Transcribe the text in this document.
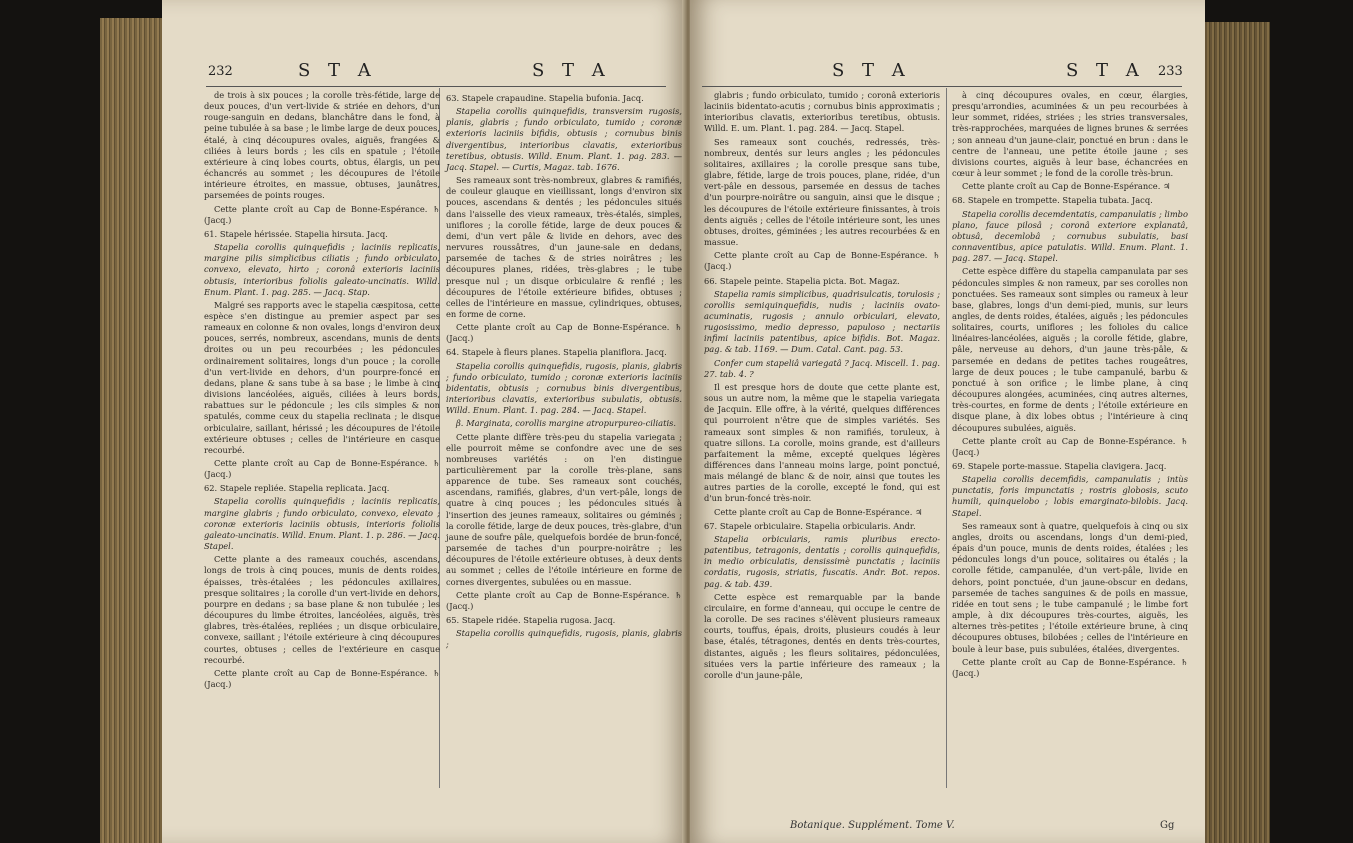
232	S T A	S T A

de trois à six pouces ; la corolle très-fétide, large de deux pouces, d'un vert-livide & striée en dehors, d'un rouge-sanguin en dedans, blanchâtre dans le fond, à peine tubulée à sa base ; le limbe large de deux pouces, étalé, à cinq découpures ovales, aiguës, frangées & ciliées à leurs bords ; les cils en spatule ; l'étoile extérieure à cinq lobes courts, obtus, élargis, un peu échancrés au sommet ; les découpures de l'étoile intérieure étroites, en massue, obtuses, jaunâtres, parsemées de points rouges.

Cette plante croît au Cap de Bonne-Espérance. ♄ (Jacq.)

61. Stapele hérissée. Stapelia hirsuta. Jacq.

Stapelia corollis quinquefidis ; laciniis replicatis, margine pilis simplicibus ciliatis ; fundo orbiculato, convexo, elevato, hirto ; coronâ exterioris laciniis obtusis, interioribus foliolis galeato-uncinatis. Willd. Enum. Plant. 1. pag. 285. — Jacq. Stap.

Malgré ses rapports avec le stapelia cæspitosa, cette espèce s'en distingue au premier aspect par ses rameaux en colonne & non ovales, longs d'environ deux pouces, serrés, nombreux, ascendans, munis de dents droites ou un peu recourbées ; les pédoncules ordinairement solitaires, longs d'un pouce ; la corolle d'un vert-livide en dehors, d'un pourpre-foncé en dedans, plane & sans tube à sa base ; le limbe à cinq divisions lancéolées, aiguës, ciliées à leurs bords, rabattues sur le pédoncule ; les cils simples & non spatulés, comme ceux du stapelia reclinata ; le disque orbiculaire, saillant, hérissé ; les découpures de l'étoile extérieure obtuses ; celles de l'intérieure en casque recourbé.

Cette plante croît au Cap de Bonne-Espérance. ♄ (Jacq.)

62. Stapele repliée. Stapelia replicata. Jacq.

Stapelia corollis quinquefidis ; laciniis replicatis, margine glabris ; fundo orbiculato, convexo, elevato ; coronæ exterioris laciniis obtusis, interioris foliolis galeato-uncinatis. Willd. Enum. Plant. 1. p. 286. — Jacq. Stapel.

Cette plante a des rameaux couchés, ascendans, longs de trois à cinq pouces, munis de dents roides, épaisses, très-étalées ; les pédoncules axillaires, presque solitaires ; la corolle d'un vert-livide en dehors, pourpre en dedans ; sa base plane & non tubulée ; les découpures du limbe étroites, lancéolées, aiguës, très glabres, très-étalées, repliées ; un disque orbiculaire, convexe, saillant ; l'étoile extérieure à cinq découpures courtes, obtuses ; celles de l'extérieure en casque recourbé.

Cette plante croît au Cap de Bonne-Espérance. ♄ (Jacq.)

63. Stapele crapaudine. Stapelia bufonia. Jacq.

Stapelia corollis quinquefidis, transversim rugosis, planis, glabris ; fundo orbiculato, tumido ; coronæ exterioris laciniis bifidis, obtusis ; cornubus binis divergentibus, interioribus clavatis, exterioribus teretibus, obtusis. Willd. Enum. Plant. 1. pag. 283. — Jacq. Stapel. — Curtis, Magaz. tab. 1676.

Ses rameaux sont très-nombreux, glabres & ramifiés, de couleur glauque en vieillissant, longs d'environ six pouces, ascendans & dentés ; les pédoncules situés dans l'aisselle des vieux rameaux, très-étalés, simples, uniflores ; la corolle fétide, large de deux pouces & demi, d'un vert pâle & livide en dehors, avec des nervures roussâtres, d'un jaune-sale en dedans, parsemée de taches & de stries noirâtres ; les découpures planes, ridées, très-glabres ; le tube presque nul ; un disque orbiculaire & renflé ; les découpures de l'étoile extérieure bifides, obtuses ; celles de l'intérieure en massue, cylindriques, obtuses, en forme de corne.

Cette plante croît au Cap de Bonne-Espérance. ♄ (Jacq.)

64. Stapele à fleurs planes. Stapelia planiflora. Jacq.

Stapelia corollis quinquefidis, rugosis, planis, glabris ; fundo orbiculato, tumido ; coronæ exterioris laciniis bidentatis, obtusis ; cornubus binis divergentibus, interioribus clavatis, exterioribus subulatis, obtusis. Willd. Enum. Plant. 1. pag. 284. — Jacq. Stapel.

β. Marginata, corollis margine atropurpureo-ciliatis.

Cette plante diffère très-peu du stapelia variegata ; elle pourroit même se confondre avec une de ses nombreuses variétés : on l'en distingue particulièrement par la corolle très-plane, sans apparence de tube. Ses rameaux sont couchés, ascendans, ramifiés, glabres, d'un vert-pâle, longs de quatre à cinq pouces ; les pédoncules situés à l'insertion des jeunes rameaux, solitaires ou géminés ; la corolle fétide, large de deux pouces, très-glabre, d'un jaune de soufre pâle, quelquefois bordée de brun-foncé, parsemée de taches d'un pourpre-noirâtre ; les découpures de l'étoile extérieure obtuses, à deux dents au sommet ; celles de l'étoile intérieure en forme de cornes divergentes, subulées ou en massue.

Cette plante croît au Cap de Bonne-Espérance. ♄ (Jacq.)

65. Stapele ridée. Stapelia rugosa. Jacq.

Stapelia corollis quinquefidis, rugosis, planis, glabris ;

S T A	S T A 233

glabris ; fundo orbiculato, tumido ; coronâ exterioris laciniis bidentato-acutis ; cornubus binis approximatis ; interioribus clavatis, exterioribus teretibus, obtusis. Willd. E. um. Plant. 1. pag. 284. — Jacq. Stapel.

Ses rameaux sont couchés, redressés, très-nombreux, dentés sur leurs angles ; les pédoncules solitaires, axillaires ; la corolle presque sans tube, glabre, fétide, large de trois pouces, plane, ridée, d'un vert-pâle en dessous, parsemée en dessus de taches d'un pourpre-noirâtre ou sanguin, ainsi que le disque ; les découpures de l'étoile extérieure finissantes, à trois dents aiguës ; celles de l'étoile intérieure sont, les unes obtuses, droites, géminées ; les autres recourbées & en massue.

Cette plante croît au Cap de Bonne-Espérance. ♄ (Jacq.)

66. Stapele peinte. Stapelia picta. Bot. Magaz.

Stapelia ramis simplicibus, quadrisulcatis, torulosis ; corollis semiquinquefidis, nudis ; laciniis ovato-acuminatis, rugosis ; annulo orbiculari, elevato, rugosissimo, medio depresso, papuloso ; nectariis infimi laciniis patentibus, apice bifidis. Bot. Magaz. pag. & tab. 1169. — Dum. Catal. Cant. pag. 53.

Confer cum stapeliâ variegatâ ? Jacq. Miscell. 1. pag. 27. tab. 4. ?

Il est presque hors de doute que cette plante est, sous un autre nom, la même que le stapelia variegata de Jacquin. Elle offre, à la vérité, quelques différences qui pourroient n'être que de simples variétés. Ses rameaux sont simples & non ramifiés, toruleux, à quatre sillons. La corolle, moins grande, est d'ailleurs parfaitement la même, excepté quelques légères différences dans l'anneau moins large, point ponctué, mais mélangé de blanc & de noir, ainsi que toutes les autres parties de la corolle, excepté le fond, qui est d'un brun-foncé très-noir.

Cette plante croît au Cap de Bonne-Espérance. ♃

67. Stapele orbiculaire. Stapelia orbicularis. Andr.

Stapelia orbicularis, ramis pluribus erecto-patentibus, tetragonis, dentatis ; corollis quinquefidis, in medio orbiculatis, densissimè punctatis ; laciniis cordatis, rugosis, striatis, fuscatis. Andr. Bot. repos. pag. & tab. 439.

Cette espèce est remarquable par la bande circulaire, en forme d'anneau, qui occupe le centre de la corolle. De ses racines s'élèvent plusieurs rameaux courts, touffus, épais, droits, plusieurs coudés à leur base, étalés, tétragones, dentés en dents très-courtes, distantes, aiguës ; les fleurs solitaires, pédonculées, situées vers la partie inférieure des rameaux ; la corolle d'un jaune-pâle,

à cinq découpures ovales, en cœur, élargies, presqu'arrondies, acuminées & un peu recourbées à leur sommet, ridées, striées ; les stries transversales, très-rapprochées, marquées de lignes brunes & serrées ; son anneau d'un jaune-clair, ponctué en brun : dans le centre de l'anneau, une petite étoile jaune ; ses divisions courtes, aiguës à leur base, échancrées en cœur à leur sommet ; le fond de la corolle très-brun.

Cette plante croît au Cap de Bonne-Espérance. ♃

68. Stapele en trompette. Stapelia tubata. Jacq.

Stapelia corollis decemdentatis, campanulatis ; limbo plano, fauce pilosâ ; coronâ exteriore explanatâ, obtusâ, decemlobâ ; cornubus subulatis, basi connaventibus, apice patulatis. Willd. Enum. Plant. 1. pag. 287. — Jacq. Stapel.

Cette espèce diffère du stapelia campanulata par ses pédoncules simples & non rameux, par ses corolles non ponctuées. Ses rameaux sont simples ou rameux à leur base, glabres, longs d'un demi-pied, munis, sur leurs angles, de dents roides, étalées, aiguës ; les pédoncules solitaires, courts, uniflores ; les folioles du calice linéaires-lancéolées, aiguës ; la corolle fétide, glabre, pâle, nerveuse au dehors, d'un jaune très-pâle, & parsemée en dedans de petites taches rougeâtres, large de deux pouces ; le tube campanulé, barbu & ponctué à son orifice ; le limbe plane, à cinq découpures alongées, acuminées, cinq autres alternes, très-courtes, en forme de dents ; l'étoile extérieure en disque plane, à dix lobes obtus ; l'intérieure à cinq découpures subulées, aiguës.

Cette plante croît au Cap de Bonne-Espérance. ♄ (Jacq.)

69. Stapele porte-massue. Stapelia clavigera. Jacq.

Stapelia corollis decemfidis, campanulatis ; intùs punctatis, foris impunctatis ; rostris globosis, scuto humili, quinquelobo ; lobis emarginato-bilobis. Jacq. Stapel.

Ses rameaux sont à quatre, quelquefois à cinq ou six angles, droits ou ascendans, longs d'un demi-pied, épais d'un pouce, munis de dents roides, étalées ; les pédoncules longs d'un pouce, solitaires ou étalés ; la corolle fétide, campanulée, d'un vert-pâle, livide en dehors, point ponctuée, d'un jaune-obscur en dedans, parsemée de taches sanguines & de poils en massue, ridée en tout sens ; le tube campanulé ; le limbe fort ample, à dix découpures très-courtes, aiguës, les alternes très-petites ; l'étoile extérieure brune, à cinq découpures obtuses, bilobées ; celles de l'intérieure en boule à leur base, puis subulées, étalées, divergentes.

Cette plante croît au Cap de Bonne-Espérance. ♄ (Jacq.)

Botanique. Supplément. Tome V.	Gg
